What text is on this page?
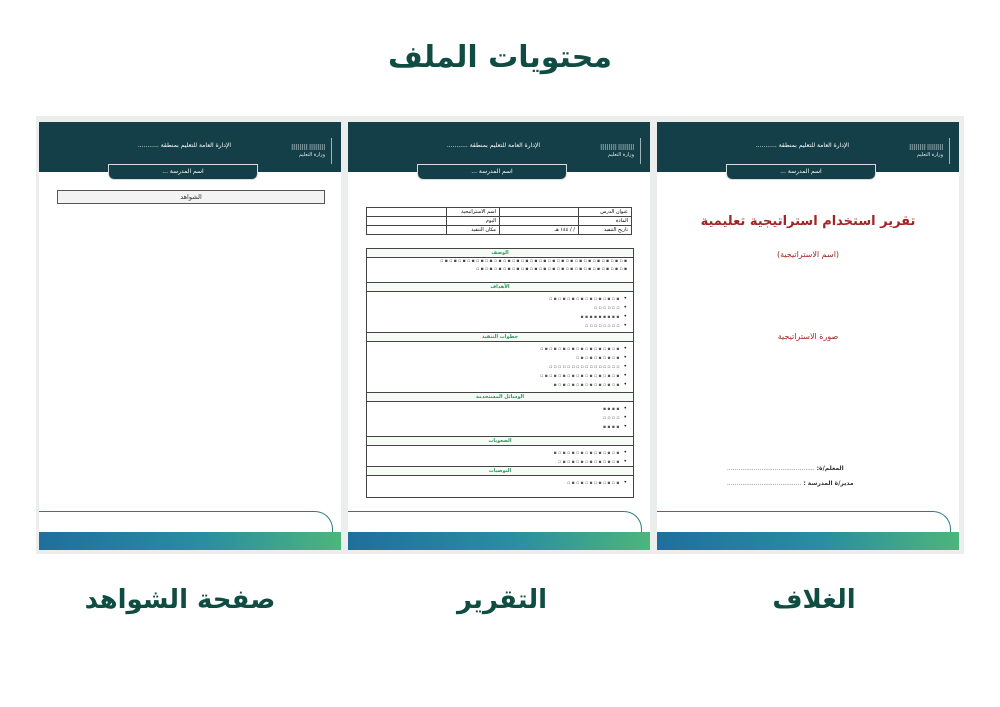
محتويات الملف
⠿⠿⠿⠿ ⠿⠿⠿⠿
وزارة التعليم
الإدارة العامة للتعليم بمنطقة ...........
اسم المدرسة ...
الشواهد
⠿⠿⠿⠿ ⠿⠿⠿⠿
وزارة التعليم
الإدارة العامة للتعليم بمنطقة ...........
اسم المدرسة ...
عنوان الدرس		اسم الاستراتيجية	
المادة		اليوم	
تاريخ التنفيذ	/ / ١٤٤ هـ	مكان التنفيذ	
الوصف
▪ ▫ ▪ ▫ ▪ ▫ ▪ ▫ ▪ ▫ ▪ ▫ ▪ ▫ ▪ ▫ ▪ ▫ ▪ ▫ ▪ ▫ ▪ ▫ ▪ ▫ ▪ ▫ ▪ ▫ ▪ ▫ ▪ ▫ ▪ ▫ ▪ ▫ ▪ ▫ ▪ ▫
▪ ▫ ▪ ▫ ▪ ▫ ▪ ▫ ▪ ▫ ▪ ▫ ▪ ▫ ▪ ▫ ▪ ▫ ▪ ▫ ▪ ▫ ▪ ▫ ▪ ▫ ▪ ▫ ▪ ▫ ▪ ▫ ▪ ▫
الأهداف
• ▪ ▫ ▪ ▫ ▪ ▫ ▪ ▫ ▪ ▫ ▪ ▫ ▪ ▫ ▪ ▫
• ▫ ▫ ▫ ▫ ▫ ▫
• ▪ ▪ ▪ ▪ ▪ ▪ ▪ ▪ ▪
• ▫ ▫ ▫ ▫ ▫ ▫ ▫ ▫
خطوات التنفيذ
• ▪ ▫ ▪ ▫ ▪ ▫ ▪ ▫ ▪ ▫ ▪ ▫ ▪ ▫ ▪ ▫ ▪ ▫
• ▪ ▫ ▪ ▫ ▪ ▫ ▪ ▫ ▪ ▫
• ▫ ▫ ▫ ▫ ▫ ▫ ▫ ▫ ▫ ▫ ▫ ▫ ▫ ▫ ▫ ▫
• ▪ ▫ ▪ ▫ ▪ ▫ ▪ ▫ ▪ ▫ ▪ ▫ ▪ ▫ ▪ ▫ ▪ ▫
• ▪ ▫ ▪ ▫ ▪ ▫ ▪ ▫ ▪ ▫ ▪ ▫ ▪ ▫ ▪
الوسائل المستخدمة
• ▪ ▪ ▪ ▪
• ▫ ▫ ▫ ▫
• ▪ ▪ ▪ ▪
الصعوبات
• ▪ ▫ ▪ ▫ ▪ ▫ ▪ ▫ ▪ ▫ ▪ ▫ ▪ ▫ ▪
• ▪ ▫ ▪ ▫ ▪ ▫ ▪ ▫ ▪ ▫ ▪ ▫ ▪ ▫
التوصيات
• ▪ ▫ ▪ ▫ ▪ ▫ ▪ ▫ ▪ ▫ ▪ ▫
⠿⠿⠿⠿ ⠿⠿⠿⠿
وزارة التعليم
الإدارة العامة للتعليم بمنطقة ...........
اسم المدرسة ...
تقرير استخدام استراتيجية تعليمية
(اسم الاستراتيجية)
صورة الاستراتيجية
المعلم/ة: ..............................................
مدير/ة المدرسة : .......................................
صفحة الشواهد	التقرير	الغلاف
